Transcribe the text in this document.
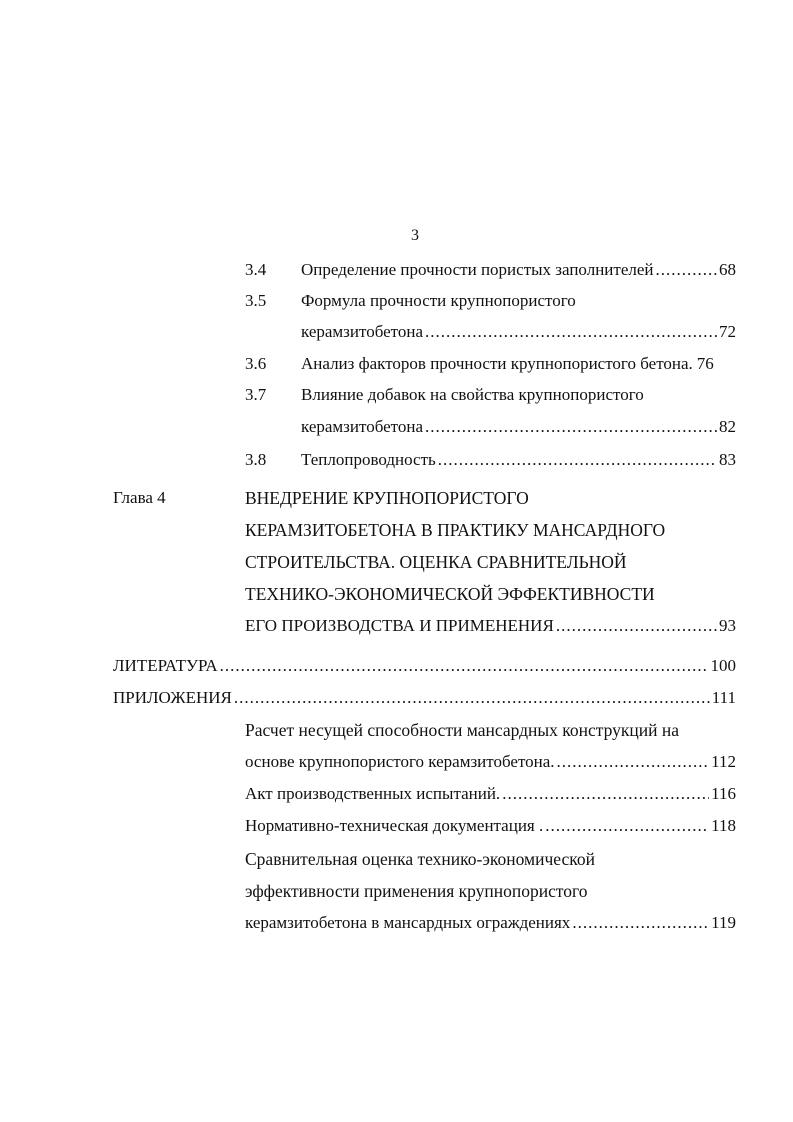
3
3.4 Определение прочности пористых заполнителей .....	68
3.5 Формула прочности крупнопористого
керамзитобетона .....	72
3.6 Анализ факторов прочности крупнопористого бетона. 76
3.7 Влияние добавок на свойства крупнопористого
керамзитобетона .....	82
3.8 Теплопроводность .....	83
Глава 4	ВНЕДРЕНИЕ КРУПНОПОРИСТОГО
КЕРАМЗИТОБЕТОНА В ПРАКТИКУ МАНСАРДНОГО
СТРОИТЕЛЬСТВА. ОЦЕНКА СРАВНИТЕЛЬНОЙ
ТЕХНИКО-ЭКОНОМИЧЕСКОЙ ЭФФЕКТИВНОСТИ
ЕГО ПРОИЗВОДСТВА И ПРИМЕНЕНИЯ .....	93
ЛИТЕРАТУРА .....	100
ПРИЛОЖЕНИЯ .....	111
Расчет несущей способности мансардных конструкций на
основе крупнопористого керамзитобетона. .....	112
Акт производственных испытаний. .....	116
Нормативно-техническая документация . .....	118
Сравнительная оценка технико-экономической
эффективности применения крупнопористого
керамзитобетона в мансардных ограждениях .....	119
